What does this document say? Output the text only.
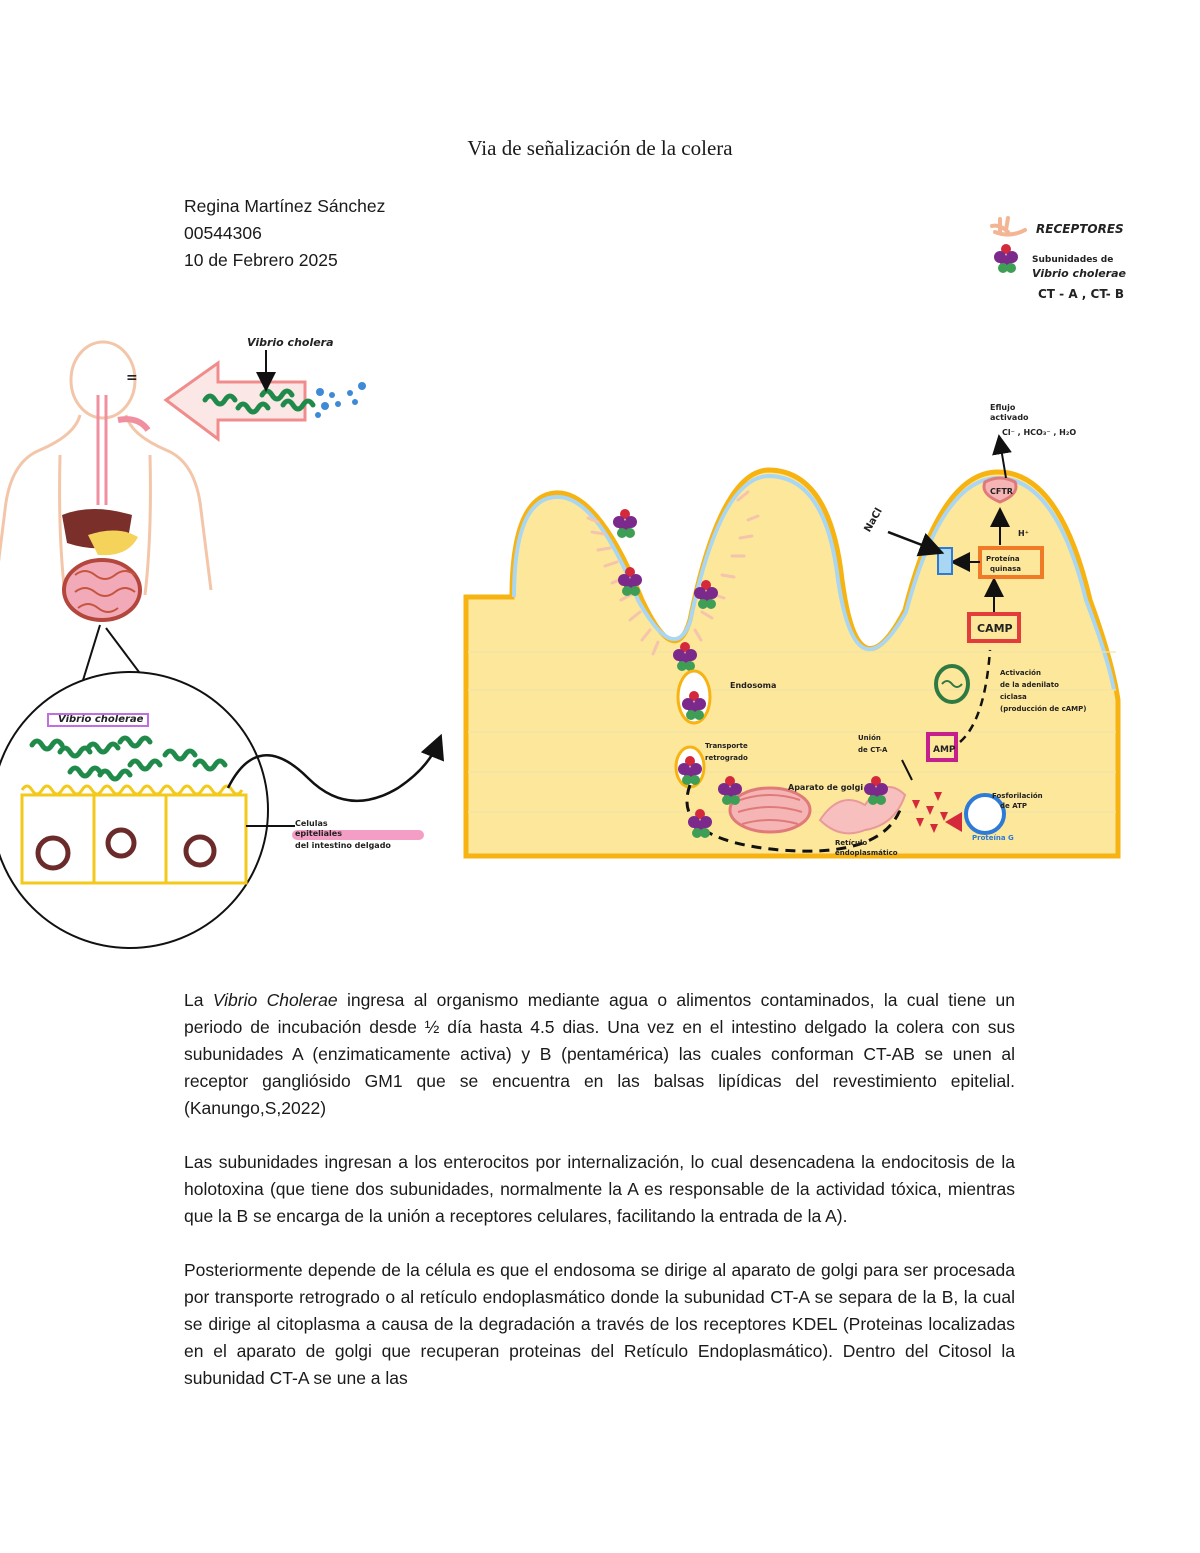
Via de señalización de la colera
Regina Martínez Sánchez
00544306
10 de Febrero 2025
RECEPTORES
Subunidades de
Vibrio cholerae
CT - A , CT- B
=
Vibrio cholera
Vibrio cholerae
Celulas
epiteliales
del intestino delgado
Endosoma
Transporte
retrogrado
Aparato de golgi
Retículo
endoplasmático
Proteína G
Fosforilación
de ATP
Unión
de CT-A	AMP
Activación
de la adenilato
ciclasa
(producción de cAMP)
CAMP
Proteína
quinasa
H⁺
NaCl
CFTR
Eflujo
activado
Cl⁻ , HCO₃⁻ , H₂O

La Vibrio Cholerae ingresa al organismo mediante agua o alimentos contaminados, la cual tiene un periodo de incubación desde ½ día hasta 4.5 dias. Una vez en el intestino delgado la colera con sus subunidades A (enzimaticamente activa) y B (pentamérica) las cuales conforman CT-AB se unen al receptor gangliósido GM1 que se encuentra en las balsas lipídicas del revestimiento epitelial. (Kanungo,S,2022)

Las subunidades ingresan a los enterocitos por internalización, lo cual desencadena la endocitosis de la holotoxina (que tiene dos subunidades, normalmente la A es responsable de la actividad tóxica, mientras que la B se encarga de la unión a receptores celulares, facilitando la entrada de la A).

Posteriormente depende de la célula es que el endosoma se dirige al aparato de golgi para ser procesada por transporte retrogrado o al retículo endoplasmático donde la subunidad CT-A se separa de la B, la cual se dirige al citoplasma a causa de la degradación a través de los receptores KDEL (Proteinas localizadas en el aparato de golgi que recuperan proteinas del Retículo Endoplasmático). Dentro del Citosol la subunidad CT-A se une a las
